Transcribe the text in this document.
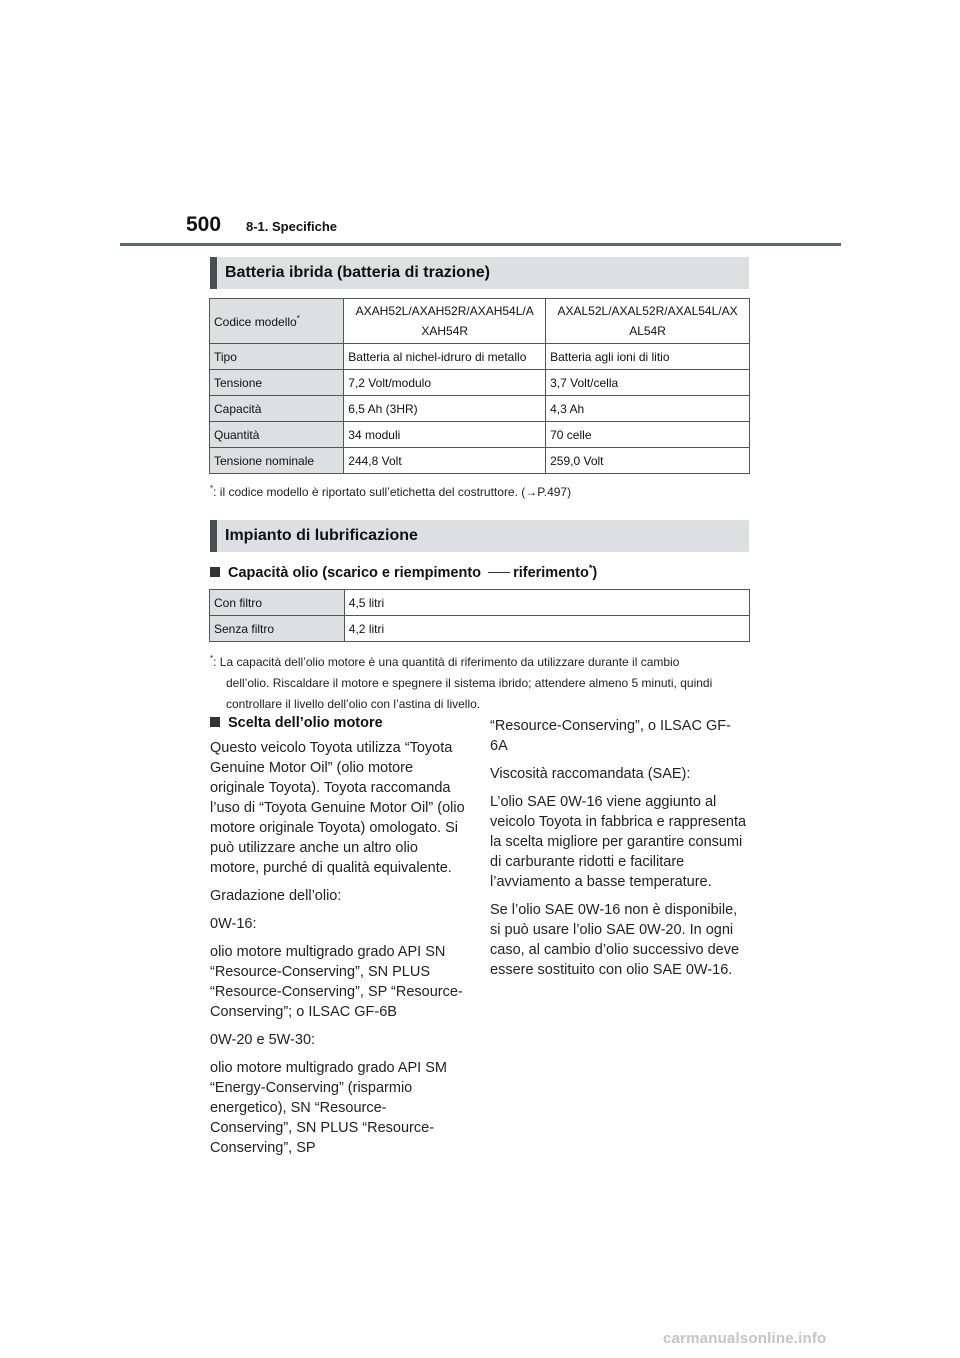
500 8-1. Specifiche
Batteria ibrida (batteria di trazione)
Codice modello*	AXAH52L/AXAH52R/AXAH54L/A XAH54R	AXAL52L/AXAL52R/AXAL54L/AX AL54R
Tipo	Batteria al nichel-idruro di metallo	Batteria agli ioni di litio
Tensione	7,2 Volt/modulo	3,7 Volt/cella
Capacità	6,5 Ah (3HR)	4,3 Ah
Quantità	34 moduli	70 celle
Tensione nominale	244,8 Volt	259,0 Volt
*: il codice modello è riportato sull’etichetta del costruttore. (→P.497)
Impianto di lubrificazione
Capacità olio (scarico e riempimento riferimento*)
Con filtro	4,5 litri
Senza filtro	4,2 litri
*: La capacità dell’olio motore è una quantità di riferimento da utilizzare durante il cambio
dell’olio. Riscaldare il motore e spegnere il sistema ibrido; attendere almeno 5 minuti, quindi
controllare il livello dell’olio con l’astina di livello.
Scelta dell’olio motore

Questo veicolo Toyota utilizza “Toyota Genuine Motor Oil” (olio motore originale Toyota). Toyota raccomanda l’uso di “Toyota Genuine Motor Oil” (olio motore originale Toyota) omologato. Si può utilizzare anche un altro olio motore, purché di qualità equivalente.

Gradazione dell’olio:

0W-16:

olio motore multigrado grado API SN “Resource-Conserving”, SN PLUS “Resource-Conserving”, SP “Resource-Conserving”; o ILSAC GF-6B

0W-20 e 5W-30:

olio motore multigrado grado API SM “Energy-Conserving” (risparmio energetico), SN “Resource-Conserving”, SN PLUS “Resource-Conserving”, SP

“Resource-Conserving”, o ILSAC GF-6A

Viscosità raccomandata (SAE):

L’olio SAE 0W-16 viene aggiunto al veicolo Toyota in fabbrica e rappresenta la scelta migliore per garantire consumi di carburante ridotti e facilitare l’avviamento a basse temperature.

Se l’olio SAE 0W-16 non è disponibile, si può usare l’olio SAE 0W-20. In ogni caso, al cambio d’olio successivo deve essere sostituito con olio SAE 0W-16.

carmanualsonline.info
